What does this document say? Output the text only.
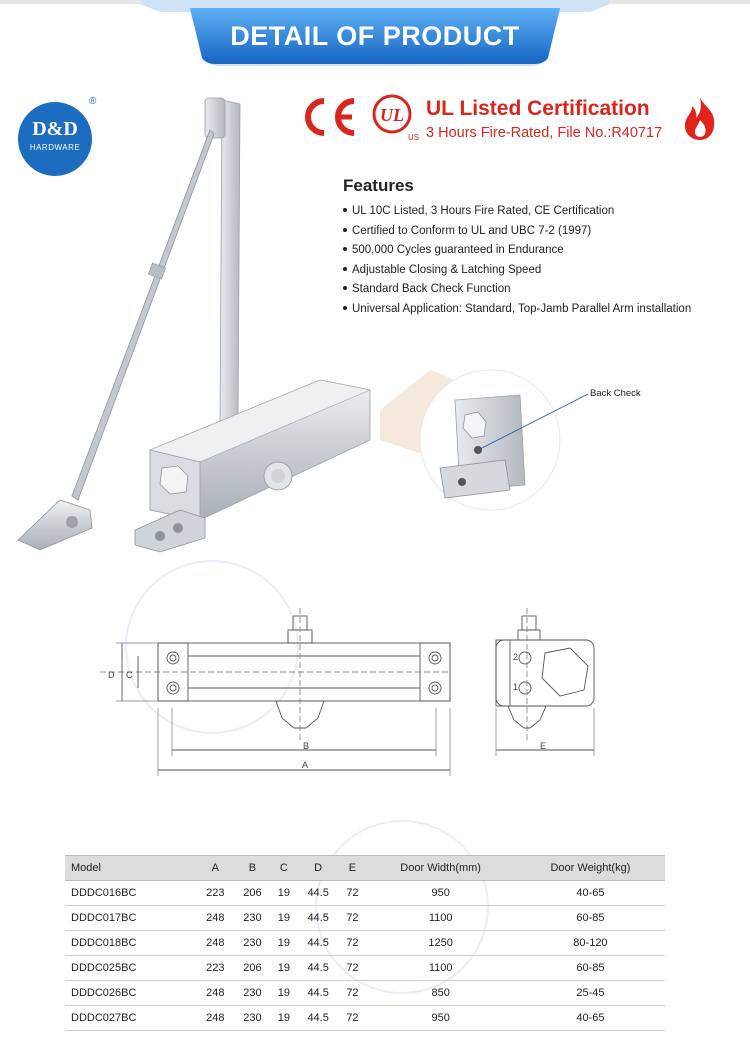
DETAIL OF PRODUCT
D&D
HARDWARE
®
UL
US
UL Listed Certification
3 Hours Fire-Rated, File No.:R40717
Features
UL 10C Listed, 3 Hours Fire Rated, CE Certification
Certified to Conform to UL and UBC 7-2 (1997)
500,000 Cycles guaranteed in Endurance
Adjustable Closing & Latching Speed
Standard Back Check Function
Universal Application: Standard, Top-Jamb Parallel Arm installation
Back Check
D C
B
A
E
2
1
Model	A	B	C	D	E	Door Width(mm)	Door Weight(kg)
DDDC016BC	223	206	19	44.5	72	950	40-65
DDDC017BC	248	230	19	44.5	72	1100	60-85
DDDC018BC	248	230	19	44.5	72	1250	80-120
DDDC025BC	223	206	19	44.5	72	1100	60-85
DDDC026BC	248	230	19	44.5	72	850	25-45
DDDC027BC	248	230	19	44.5	72	950	40-65
